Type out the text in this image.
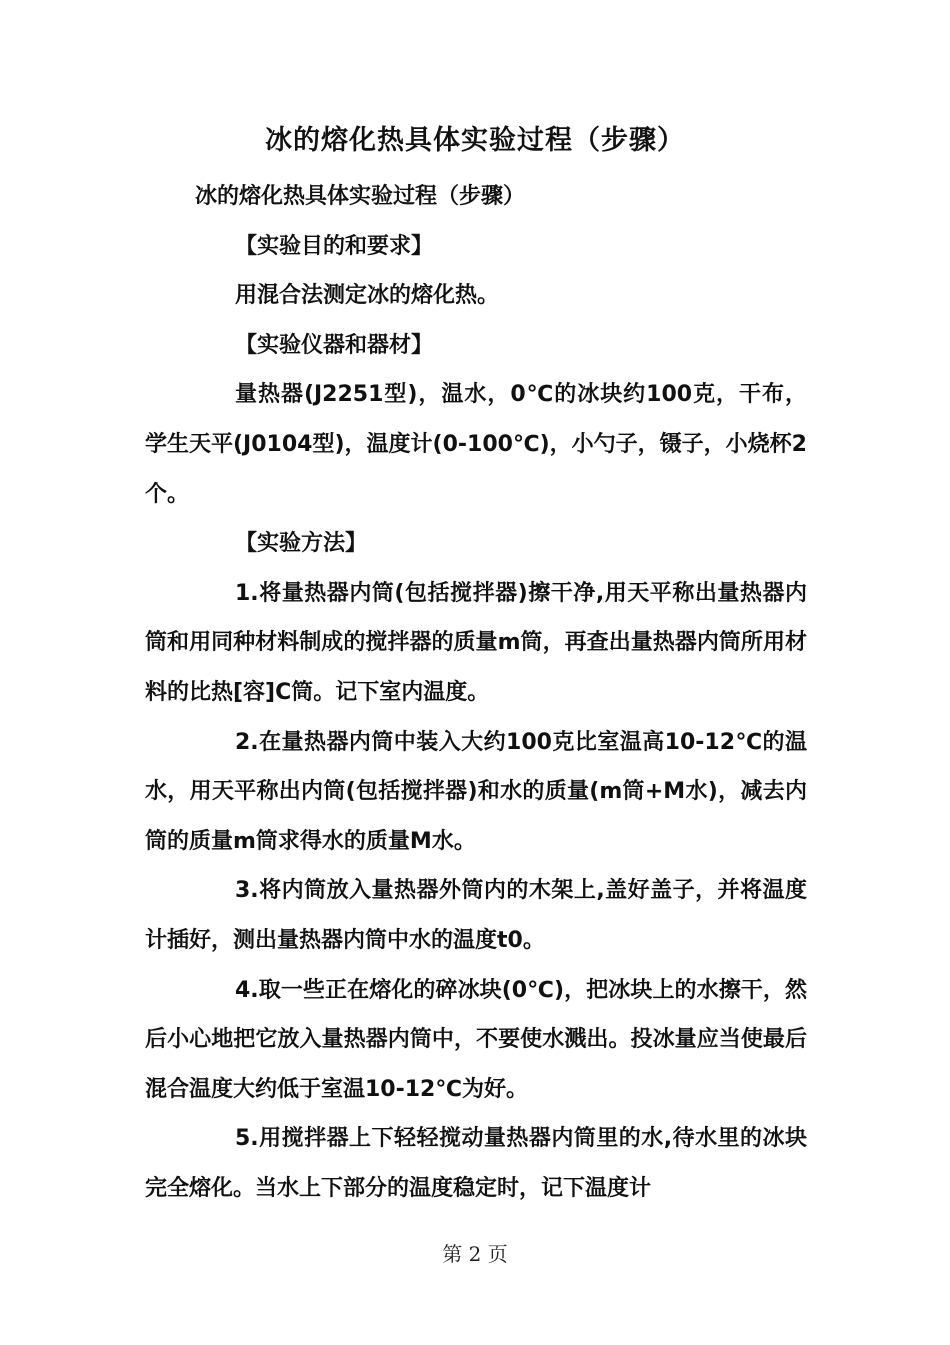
冰的熔化热具体实验过程（步骤）

冰的熔化热具体实验过程（步骤）

【实验目的和要求】

用混合法测定冰的熔化热。

【实验仪器和器材】

量热器(J2251型)，温水，0℃的冰块约100克，干布，学生天平(J0104型)，温度计(0-100℃)，小勺子，镊子，小烧杯2个。

【实验方法】

1.将量热器内筒(包括搅拌器)擦干净,用天平称出量热器内筒和用同种材料制成的搅拌器的质量m筒，再查出量热器内筒所用材料的比热[容]C筒。记下室内温度。

2.在量热器内筒中装入大约100克比室温高10-12℃的温水，用天平称出内筒(包括搅拌器)和水的质量(m筒+M水)，减去内筒的质量m筒求得水的质量M水。

3.将内筒放入量热器外筒内的木架上,盖好盖子，并将温度计插好，测出量热器内筒中水的温度t0。

4.取一些正在熔化的碎冰块(0℃)，把冰块上的水擦干，然后小心地把它放入量热器内筒中，不要使水溅出。投冰量应当使最后混合温度大约低于室温10-12℃为好。

5.用搅拌器上下轻轻搅动量热器内筒里的水,待水里的冰块完全熔化。当水上下部分的温度稳定时，记下温度计

第 2 页
